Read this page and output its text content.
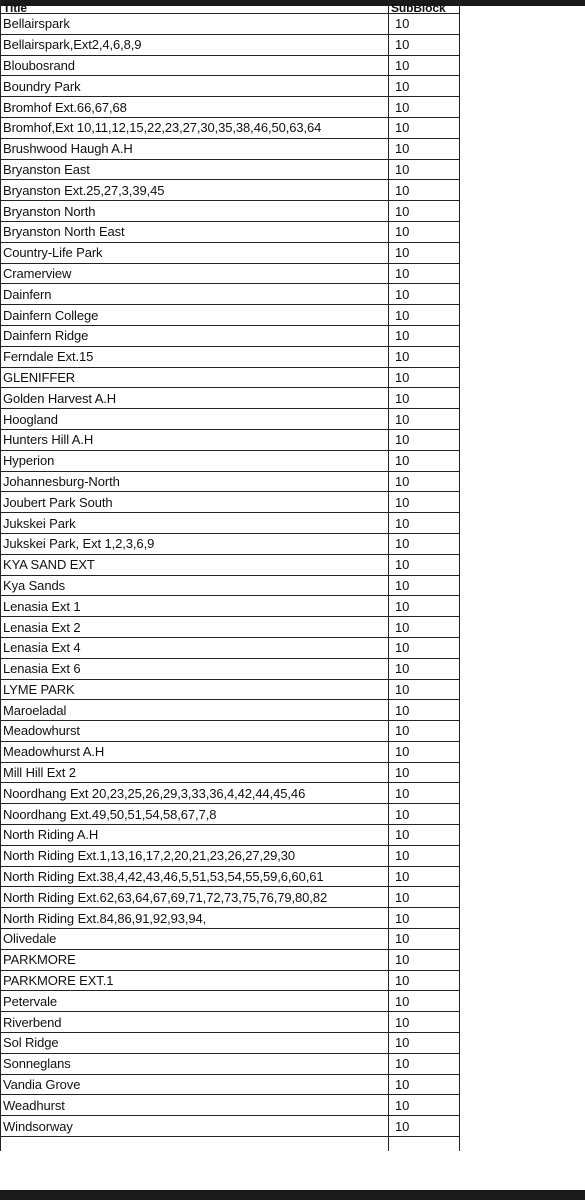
Title	SubBlock
Bellairspark	10
Bellairspark,Ext2,4,6,8,9	10
Bloubosrand	10
Boundry Park	10
Bromhof Ext.66,67,68	10
Bromhof,Ext 10,11,12,15,22,23,27,30,35,38,46,50,63,64	10
Brushwood Haugh A.H	10
Bryanston East	10
Bryanston Ext.25,27,3,39,45	10
Bryanston North	10
Bryanston North East	10
Country-Life Park	10
Cramerview	10
Dainfern	10
Dainfern College	10
Dainfern Ridge	10
Ferndale Ext.15	10
GLENIFFER	10
Golden Harvest A.H	10
Hoogland	10
Hunters Hill A.H	10
Hyperion	10
Johannesburg-North	10
Joubert Park South	10
Jukskei Park	10
Jukskei Park, Ext 1,2,3,6,9	10
KYA SAND EXT	10
Kya Sands	10
Lenasia Ext 1	10
Lenasia Ext 2	10
Lenasia Ext 4	10
Lenasia Ext 6	10
LYME PARK	10
Maroeladal	10
Meadowhurst	10
Meadowhurst A.H	10
Mill Hill Ext 2	10
Noordhang Ext 20,23,25,26,29,3,33,36,4,42,44,45,46	10
Noordhang Ext.49,50,51,54,58,67,7,8	10
North Riding A.H	10
North Riding Ext.1,13,16,17,2,20,21,23,26,27,29,30	10
North Riding Ext.38,4,42,43,46,5,51,53,54,55,59,6,60,61	10
North Riding Ext.62,63,64,67,69,71,72,73,75,76,79,80,82	10
North Riding Ext.84,86,91,92,93,94,	10
Olivedale	10
PARKMORE	10
PARKMORE EXT.1	10
Petervale	10
Riverbend	10
Sol Ridge	10
Sonneglans	10
Vandia Grove	10
Weadhurst	10
Windsorway	10
